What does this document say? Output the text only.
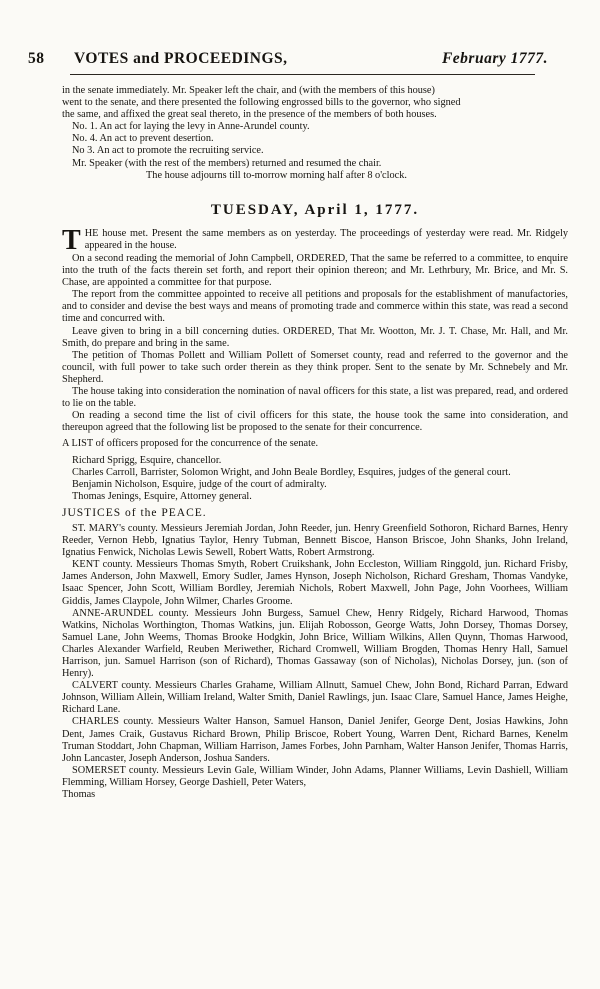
58 VOTES and PROCEEDINGS,	February 1777.

in the senate immediately. Mr. Speaker left the chair, and (with the members of this house)

went to the senate, and there presented the following engrossed bills to the governor, who signed

the same, and affixed the great seal thereto, in the presence of the members of both houses.

No. 1. An act for laying the levy in Anne-Arundel county.

No. 4. An act to prevent desertion.

No 3. An act to promote the recruiting service.

Mr. Speaker (with the rest of the members) returned and resumed the chair.

The house adjourns till to-morrow morning half after 8 o'clock.

TUESDAY, April 1, 1777.

THE house met. Present the same members as on yesterday. The proceedings of yesterday were read. Mr. Ridgely appeared in the house.

On a second reading the memorial of John Campbell, ORDERED, That the same be referred to a committee, to enquire into the truth of the facts therein set forth, and report their opinion thereon; and Mr. Lethrbury, Mr. Brice, and Mr. S. Chase, are appointed a committee for that purpose.

The report from the committee appointed to receive all petitions and proposals for the establishment of manufactories, and to consider and devise the best ways and means of promoting trade and commerce within this state, was read a second time and concurred with.

Leave given to bring in a bill concerning duties. ORDERED, That Mr. Wootton, Mr. J. T. Chase, Mr. Hall, and Mr. Smith, do prepare and bring in the same.

The petition of Thomas Pollett and William Pollett of Somerset county, read and referred to the governor and the council, with full power to take such order therein as they think proper. Sent to the senate by Mr. Schnebely and Mr. Shepherd.

The house taking into consideration the nomination of naval officers for this state, a list was prepared, read, and ordered to lie on the table.

On reading a second time the list of civil officers for this state, the house took the same into consideration, and thereupon agreed that the following list be proposed to the senate for their concurrence.

A LIST of officers proposed for the concurrence of the senate.

Richard Sprigg, Esquire, chancellor.

Charles Carroll, Barrister, Solomon Wright, and John Beale Bordley, Esquires, judges of the general court.

Benjamin Nicholson, Esquire, judge of the court of admiralty.

Thomas Jenings, Esquire, Attorney general.

JUSTICES of the PEACE.

ST. MARY's county. Messieurs Jeremiah Jordan, John Reeder, jun. Henry Greenfield Sothoron, Richard Barnes, Henry Reeder, Vernon Hebb, Ignatius Taylor, Henry Tubman, Bennett Biscoe, Hanson Briscoe, John Shanks, John Ireland, Ignatius Fenwick, Nicholas Lewis Sewell, Robert Watts, Robert Armstrong.

KENT county. Messieurs Thomas Smyth, Robert Cruikshank, John Eccleston, William Ringgold, jun. Richard Frisby, James Anderson, John Maxwell, Emory Sudler, James Hynson, Joseph Nicholson, Richard Gresham, Thomas Vandyke, Isaac Spencer, John Scott, William Bordley, Jeremiah Nichols, Robert Maxwell, John Page, John Voorhees, William Giddis, James Claypole, John Wilmer, Charles Groome.

ANNE-ARUNDEL county. Messieurs John Burgess, Samuel Chew, Henry Ridgely, Richard Harwood, Thomas Watkins, Nicholas Worthington, Thomas Watkins, jun. Elijah Robosson, George Watts, John Dorsey, Thomas Dorsey, Samuel Lane, John Weems, Thomas Brooke Hodgkin, John Brice, William Wilkins, Allen Quynn, Thomas Harwood, Charles Alexander Warfield, Reuben Meriwether, Richard Cromwell, William Brogden, Thomas Henry Hall, Samuel Harrison, jun. Samuel Harrison (son of Richard), Thomas Gassaway (son of Nicholas), Nicholas Dorsey, jun. (son of Henry).

CALVERT county. Messieurs Charles Grahame, William Allnutt, Samuel Chew, John Bond, Richard Parran, Edward Johnson, William Allein, William Ireland, Walter Smith, Daniel Rawlings, jun. Isaac Clare, Samuel Hance, James Heighe, Richard Lane.

CHARLES county. Messieurs Walter Hanson, Samuel Hanson, Daniel Jenifer, George Dent, Josias Hawkins, John Dent, James Craik, Gustavus Richard Brown, Philip Briscoe, Robert Young, Warren Dent, Richard Barnes, Kenelm Truman Stoddart, John Chapman, William Harrison, James Forbes, John Parnham, Walter Hanson Jenifer, Thomas Harris, John Lancaster, Joseph Anderson, Joshua Sanders.

SOMERSET county. Messieurs Levin Gale, William Winder, John Adams, Planner Williams, Levin Dashiell, William Flemming, William Horsey, George Dashiell, Peter Waters,

Thomas
